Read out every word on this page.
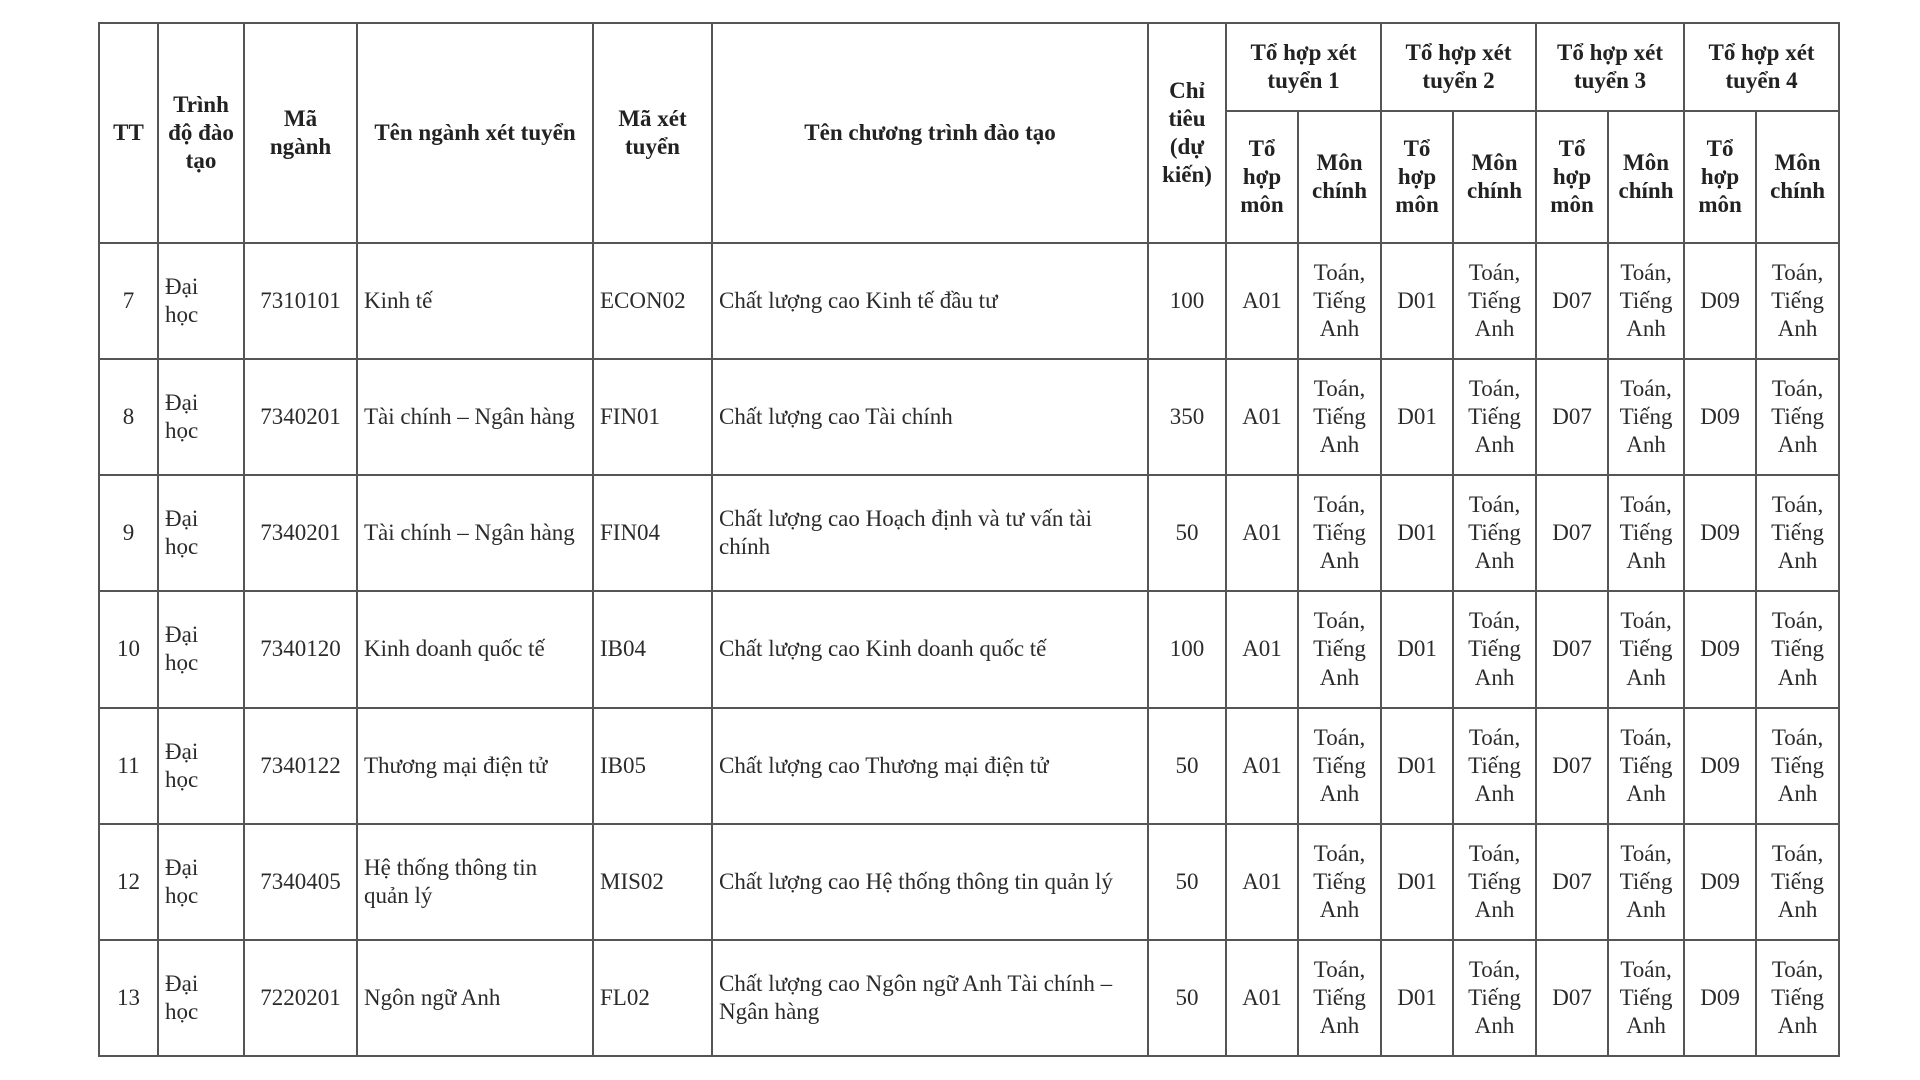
TT	Trình độ đào tạo	Mã ngành	Tên ngành xét tuyển	Mã xét tuyển	Tên chương trình đào tạo	Chỉ tiêu (dự kiến)	Tổ hợp xét tuyển 1		Tổ hợp xét tuyển 2		Tổ hợp xét tuyển 3		Tổ hợp xét tuyển 4	
							Tổ hợp môn	Môn chính	Tổ hợp môn	Môn chính	Tổ hợp môn	Môn chính	Tổ hợp môn	Môn chính
7	Đại học	7310101	Kinh tế	ECON02	Chất lượng cao Kinh tế đầu tư	100	A01	Toán, Tiếng Anh	D01	Toán, Tiếng Anh	D07	Toán, Tiếng Anh	D09	Toán, Tiếng Anh
8	Đại học	7340201	Tài chính – Ngân hàng	FIN01	Chất lượng cao Tài chính	350	A01	Toán, Tiếng Anh	D01	Toán, Tiếng Anh	D07	Toán, Tiếng Anh	D09	Toán, Tiếng Anh
9	Đại học	7340201	Tài chính – Ngân hàng	FIN04	Chất lượng cao Hoạch định và tư vấn tài chính	50	A01	Toán, Tiếng Anh	D01	Toán, Tiếng Anh	D07	Toán, Tiếng Anh	D09	Toán, Tiếng Anh
10	Đại học	7340120	Kinh doanh quốc tế	IB04	Chất lượng cao Kinh doanh quốc tế	100	A01	Toán, Tiếng Anh	D01	Toán, Tiếng Anh	D07	Toán, Tiếng Anh	D09	Toán, Tiếng Anh
11	Đại học	7340122	Thương mại điện tử	IB05	Chất lượng cao Thương mại điện tử	50	A01	Toán, Tiếng Anh	D01	Toán, Tiếng Anh	D07	Toán, Tiếng Anh	D09	Toán, Tiếng Anh
12	Đại học	7340405	Hệ thống thông tin quản lý	MIS02	Chất lượng cao Hệ thống thông tin quản lý	50	A01	Toán, Tiếng Anh	D01	Toán, Tiếng Anh	D07	Toán, Tiếng Anh	D09	Toán, Tiếng Anh
13	Đại học	7220201	Ngôn ngữ Anh	FL02	Chất lượng cao Ngôn ngữ Anh Tài chính – Ngân hàng	50	A01	Toán, Tiếng Anh	D01	Toán, Tiếng Anh	D07	Toán, Tiếng Anh	D09	Toán, Tiếng Anh
